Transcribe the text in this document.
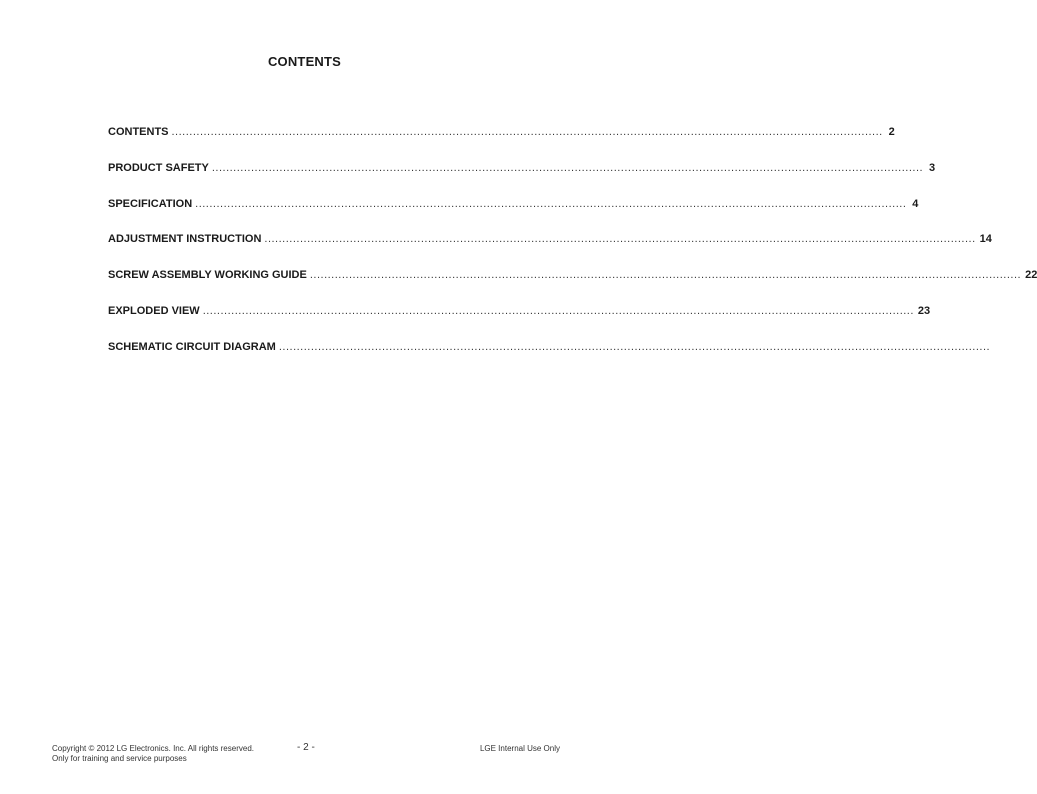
CONTENTS
CONTENTS ........................................................................................................................................................................................................ 2
PRODUCT SAFETY ........................................................................................................................................................................................................ 3
SPECIFICATION ........................................................................................................................................................................................................ 4
ADJUSTMENT INSTRUCTION ........................................................................................................................................................................................................ 14
SCREW ASSEMBLY WORKING GUIDE ........................................................................................................................................................................................................ 22
EXPLODED VIEW ........................................................................................................................................................................................................ 23
SCHEMATIC CIRCUIT DIAGRAM ........................................................................................................................................................................................................
Copyright © 2012 LG Electronics. Inc. All rights reserved.
Only for training and service purposes
- 2 -	LGE Internal Use Only
